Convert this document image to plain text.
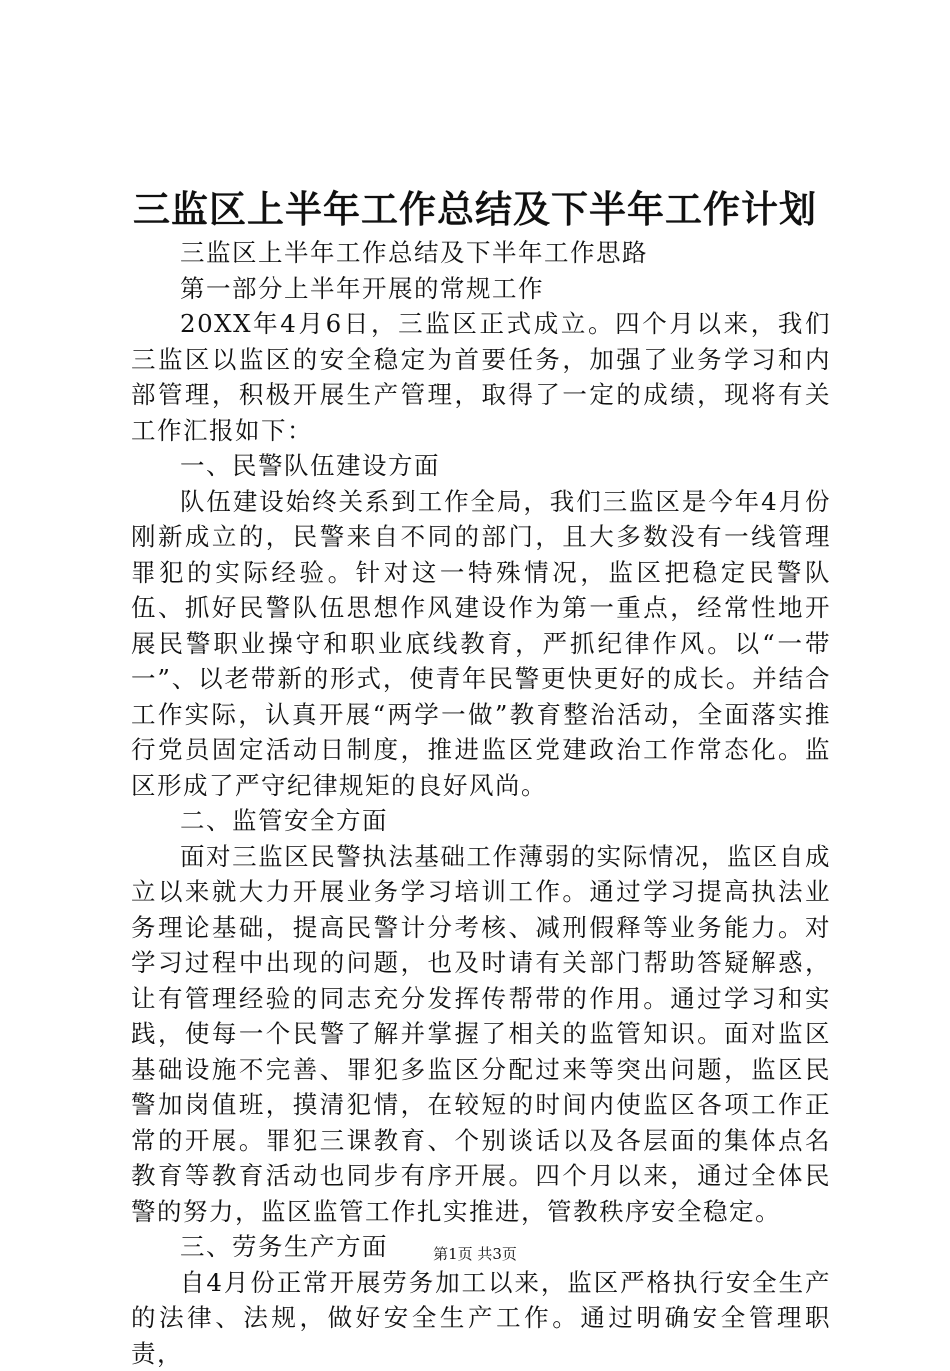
三监区上半年工作总结及下半年工作计划

三监区上半年工作总结及下半年工作思路

第一部分上半年开展的常规工作

20XX年4月6日，三监区正式成立。四个月以来，我们三监区以监区的安全稳定为首要任务，加强了业务学习和内部管理，积极开展生产管理，取得了一定的成绩，现将有关工作汇报如下：

一、民警队伍建设方面

队伍建设始终关系到工作全局，我们三监区是今年4月份刚新成立的，民警来自不同的部门，且大多数没有一线管理罪犯的实际经验。针对这一特殊情况，监区把稳定民警队伍、抓好民警队伍思想作风建设作为第一重点，经常性地开展民警职业操守和职业底线教育，严抓纪律作风。以“一带一”、以老带新的形式，使青年民警更快更好的成长。并结合工作实际，认真开展“两学一做”教育整治活动，全面落实推行党员固定活动日制度，推进监区党建政治工作常态化。监区形成了严守纪律规矩的良好风尚。

二、监管安全方面

面对三监区民警执法基础工作薄弱的实际情况，监区自成立以来就大力开展业务学习培训工作。通过学习提高执法业务理论基础，提高民警计分考核、减刑假释等业务能力。对学习过程中出现的问题，也及时请有关部门帮助答疑解惑，让有管理经验的同志充分发挥传帮带的作用。通过学习和实践，使每一个民警了解并掌握了相关的监管知识。面对监区基础设施不完善、罪犯多监区分配过来等突出问题，监区民警加岗值班，摸清犯情，在较短的时间内使监区各项工作正常的开展。罪犯三课教育、个别谈话以及各层面的集体点名教育等教育活动也同步有序开展。四个月以来，通过全体民警的努力，监区监管工作扎实推进，管教秩序安全稳定。

三、劳务生产方面

自4月份正常开展劳务加工以来，监区严格执行安全生产的法律、法规，做好安全生产工作。通过明确安全管理职责，

第1页 共3页
